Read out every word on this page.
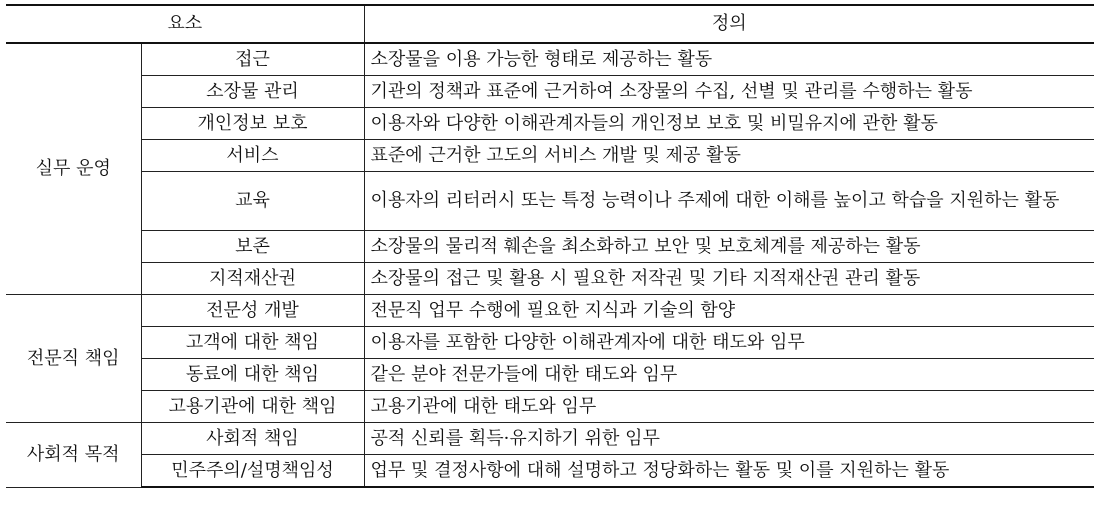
요소		정의
실무 운영	접근	소장물을 이용 가능한 형태로 제공하는 활동
	소장물 관리	기관의 정책과 표준에 근거하여 소장물의 수집, 선별 및 관리를 수행하는 활동
	개인정보 보호	이용자와 다양한 이해관계자들의 개인정보 보호 및 비밀유지에 관한 활동
	서비스	표준에 근거한 고도의 서비스 개발 및 제공 활동
	교육	이용자의 리터러시 또는 특정 능력이나 주제에 대한 이해를 높이고 학습을 지원하는 활동
	보존	소장물의 물리적 훼손을 최소화하고 보안 및 보호체계를 제공하는 활동
	지적재산권	소장물의 접근 및 활용 시 필요한 저작권 및 기타 지적재산권 관리 활동
전문직 책임	전문성 개발	전문직 업무 수행에 필요한 지식과 기술의 함양
	고객에 대한 책임	이용자를 포함한 다양한 이해관계자에 대한 태도와 임무
	동료에 대한 책임	같은 분야 전문가들에 대한 태도와 임무
	고용기관에 대한 책임	고용기관에 대한 태도와 임무
사회적 목적	사회적 책임	공적 신뢰를 획득·유지하기 위한 임무
	민주주의/설명책임성	업무 및 결정사항에 대해 설명하고 정당화하는 활동 및 이를 지원하는 활동
